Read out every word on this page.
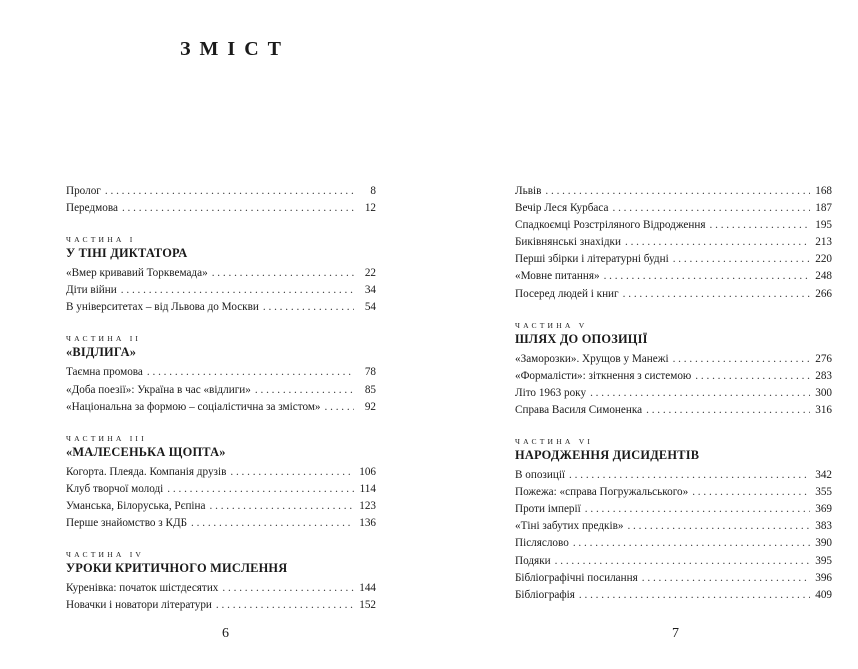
ЗМІСТ
Пролог . . .	8
Передмова . . .	12
ЧАСТИНА I
У ТІНІ ДИКТАТОРА
«Вмер кривавий Торквемада» . . .	22
Діти війни . . .	34
В університетах – від Львова до Москви . . .	54
ЧАСТИНА II
«ВІДЛИГА»
Таємна промова . . .	78
«Доба поезії»: Україна в час «відлиги» . . .	85
«Національна за формою – соціалістична за змістом» . . .	92
ЧАСТИНА III
«МАЛЕСЕНЬКА ЩОПТА»
Когорта. Плеяда. Компанія друзів . . .	106
Клуб творчої молоді . . .	114
Уманська, Білоруська, Рєпіна . . .	123
Перше знайомство з КДБ . . .	136
ЧАСТИНА IV
УРОКИ КРИТИЧНОГО МИСЛЕННЯ
Куренівка: початок шістдесятих . . .	144
Новачки і новатори літератури . . .	152
Львів . . .	168
Вечір Леся Курбаса . . .	187
Спадкоємці Розстріляного Відродження . . .	195
Биківнянські знахідки . . .	213
Перші збірки і літературні будні . . .	220
«Мовне питання» . . .	248
Посеред людей і книг . . .	266
ЧАСТИНА V
ШЛЯХ ДО ОПОЗИЦІЇ
«Заморозки». Хрущов у Манежі . . .	276
«Формалісти»: зіткнення з системою . . .	283
Літо 1963 року . . .	300
Справа Василя Симоненка . . .	316
ЧАСТИНА VI
НАРОДЖЕННЯ ДИСИДЕНТІВ
В опозиції . . .	342
Пожежа: «справа Погружальського» . . .	355
Проти імперії . . .	369
«Тіні забутих предків» . . .	383
Післяслово . . .	390
Подяки . . .	395
Бібліографічні посилання . . .	396
Бібліографія . . .	409
6	7
